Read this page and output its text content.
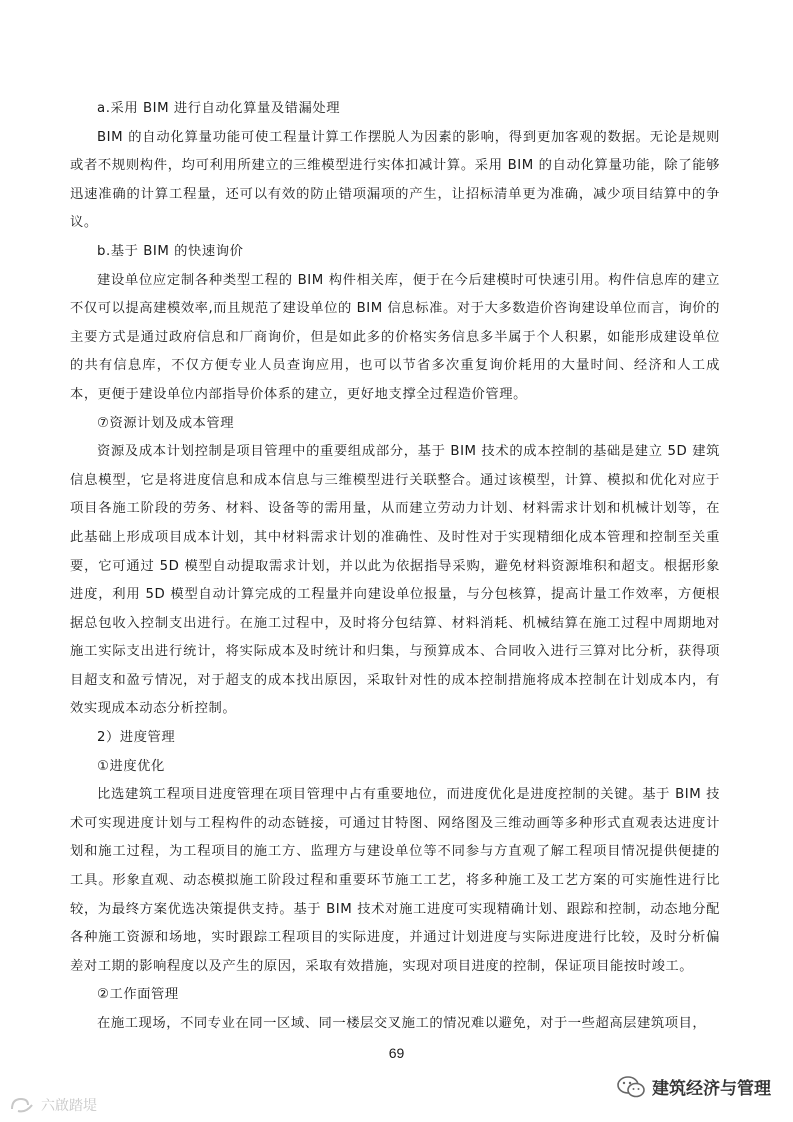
a.采用 BIM 进行自动化算量及错漏处理
BIM 的自动化算量功能可使工程量计算工作摆脱人为因素的影响，得到更加客观的数据。无论是规则或者不规则构件，均可利用所建立的三维模型进行实体扣减计算。采用 BIM 的自动化算量功能，除了能够迅速准确的计算工程量，还可以有效的防止错项漏项的产生，让招标清单更为准确，减少项目结算中的争议。
b.基于 BIM 的快速询价
建设单位应定制各种类型工程的 BIM 构件相关库，便于在今后建模时可快速引用。构件信息库的建立不仅可以提高建模效率,而且规范了建设单位的 BIM 信息标准。对于大多数造价咨询建设单位而言，询价的主要方式是通过政府信息和厂商询价，但是如此多的价格实务信息多半属于个人积累，如能形成建设单位的共有信息库，不仅方便专业人员查询应用，也可以节省多次重复询价耗用的大量时间、经济和人工成本，更便于建设单位内部指导价体系的建立，更好地支撑全过程造价管理。
⑦资源计划及成本管理
资源及成本计划控制是项目管理中的重要组成部分，基于 BIM 技术的成本控制的基础是建立 5D 建筑信息模型，它是将进度信息和成本信息与三维模型进行关联整合。通过该模型，计算、模拟和优化对应于项目各施工阶段的劳务、材料、设备等的需用量，从而建立劳动力计划、材料需求计划和机械计划等，在此基础上形成项目成本计划，其中材料需求计划的准确性、及时性对于实现精细化成本管理和控制至关重要，它可通过 5D 模型自动提取需求计划，并以此为依据指导采购，避免材料资源堆积和超支。根据形象进度，利用 5D 模型自动计算完成的工程量并向建设单位报量，与分包核算，提高计量工作效率，方便根据总包收入控制支出进行。在施工过程中，及时将分包结算、材料消耗、机械结算在施工过程中周期地对施工实际支出进行统计，将实际成本及时统计和归集，与预算成本、合同收入进行三算对比分析，获得项目超支和盈亏情况，对于超支的成本找出原因，采取针对性的成本控制措施将成本控制在计划成本内，有效实现成本动态分析控制。
2）进度管理
①进度优化
比选建筑工程项目进度管理在项目管理中占有重要地位，而进度优化是进度控制的关键。基于 BIM 技术可实现进度计划与工程构件的动态链接，可通过甘特图、网络图及三维动画等多种形式直观表达进度计划和施工过程，为工程项目的施工方、监理方与建设单位等不同参与方直观了解工程项目情况提供便捷的工具。形象直观、动态模拟施工阶段过程和重要环节施工工艺，将多种施工及工艺方案的可实施性进行比较，为最终方案优选决策提供支持。基于 BIM 技术对施工进度可实现精确计划、跟踪和控制，动态地分配各种施工资源和场地，实时跟踪工程项目的实际进度，并通过计划进度与实际进度进行比较，及时分析偏差对工期的影响程度以及产生的原因，采取有效措施，实现对项目进度的控制，保证项目能按时竣工。
②工作面管理
在施工现场，不同专业在同一区域、同一楼层交叉施工的情况难以避免，对于一些超高层建筑项目，
69
建筑经济与管理
六啟踏堤
